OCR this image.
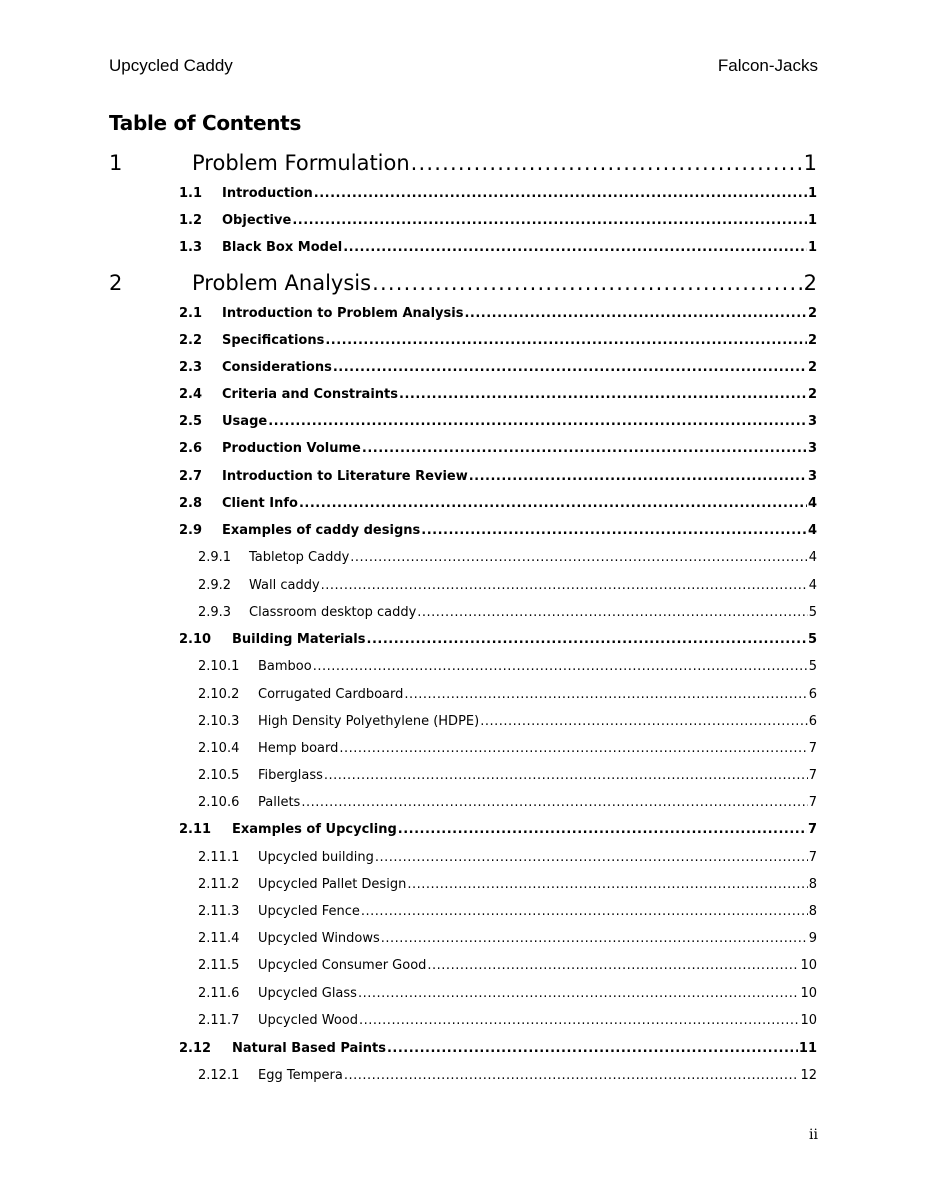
Upcycled Caddy	Falcon-Jacks
Table of Contents
1	Problem Formulation .....	1
1.1 Introduction .....	1
1.2 Objective .....	1
1.3 Black Box Model .....	1
2	Problem Analysis .....	2
2.1 Introduction to Problem Analysis .....	2
2.2 Specifications .....	2
2.3 Considerations .....	2
2.4 Criteria and Constraints .....	2
2.5 Usage .....	3
2.6 Production Volume .....	3
2.7 Introduction to Literature Review .....	3
2.8 Client Info .....	4
2.9 Examples of caddy designs .....	4
2.9.1 Tabletop Caddy .....	4
2.9.2 Wall caddy .....	4
2.9.3 Classroom desktop caddy .....	5
2.10 Building Materials .....	5
2.10.1 Bamboo .....	5
2.10.2 Corrugated Cardboard .....	6
2.10.3 High Density Polyethylene (HDPE) .....	6
2.10.4 Hemp board .....	7
2.10.5 Fiberglass .....	7
2.10.6 Pallets .....	7
2.11 Examples of Upcycling .....	7
2.11.1 Upcycled building .....	7
2.11.2 Upcycled Pallet Design .....	8
2.11.3 Upcycled Fence .....	8
2.11.4 Upcycled Windows .....	9
2.11.5 Upcycled Consumer Good .....	10
2.11.6 Upcycled Glass .....	10
2.11.7 Upcycled Wood .....	10
2.12 Natural Based Paints .....	11
2.12.1 Egg Tempera .....	12
ii
